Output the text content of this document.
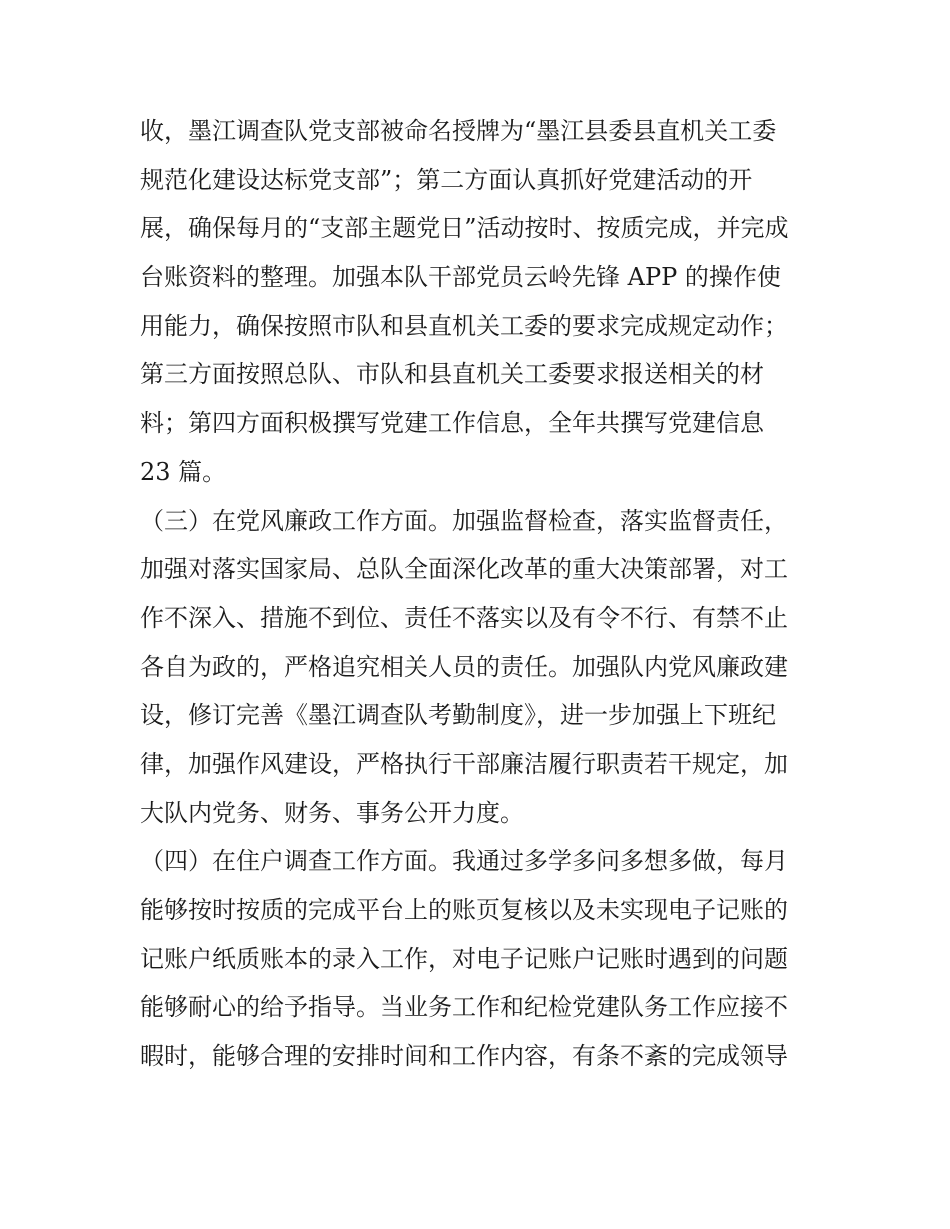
收，墨江调查队党支部被命名授牌为“墨江县委县直机关工委
规范化建设达标党支部”；第二方面认真抓好党建活动的开
展，确保每月的“支部主题党日”活动按时、按质完成，并完成
台账资料的整理。加强本队干部党员云岭先锋 APP 的操作使
用能力，确保按照市队和县直机关工委的要求完成规定动作；
第三方面按照总队、市队和县直机关工委要求报送相关的材
料；第四方面积极撰写党建工作信息，全年共撰写党建信息
23 篇。
（三）在党风廉政工作方面。加强监督检查，落实监督责任，
加强对落实国家局、总队全面深化改革的重大决策部署，对工
作不深入、措施不到位、责任不落实以及有令不行、有禁不止
各自为政的，严格追究相关人员的责任。加强队内党风廉政建
设，修订完善《墨江调查队考勤制度》，进一步加强上下班纪
律，加强作风建设，严格执行干部廉洁履行职责若干规定，加
大队内党务、财务、事务公开力度。
（四）在住户调查工作方面。我通过多学多问多想多做，每月
能够按时按质的完成平台上的账页复核以及未实现电子记账的
记账户纸质账本的录入工作，对电子记账户记账时遇到的问题
能够耐心的给予指导。当业务工作和纪检党建队务工作应接不
暇时，能够合理的安排时间和工作内容，有条不紊的完成领导
